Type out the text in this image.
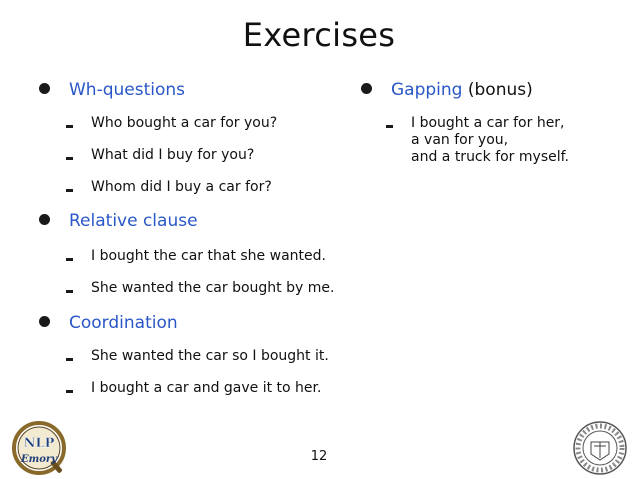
Exercises
Wh-questions
Who bought a car for you?
What did I buy for you?
Whom did I buy a car for?
Relative clause
I bought the car that she wanted.
She wanted the car bought by me.
Coordination
She wanted the car so I bought it.
I bought a car and gave it to her.
Gapping (bonus)
I bought a car for her,
a van for you,
and a truck for myself.
12
NLP
Emory
